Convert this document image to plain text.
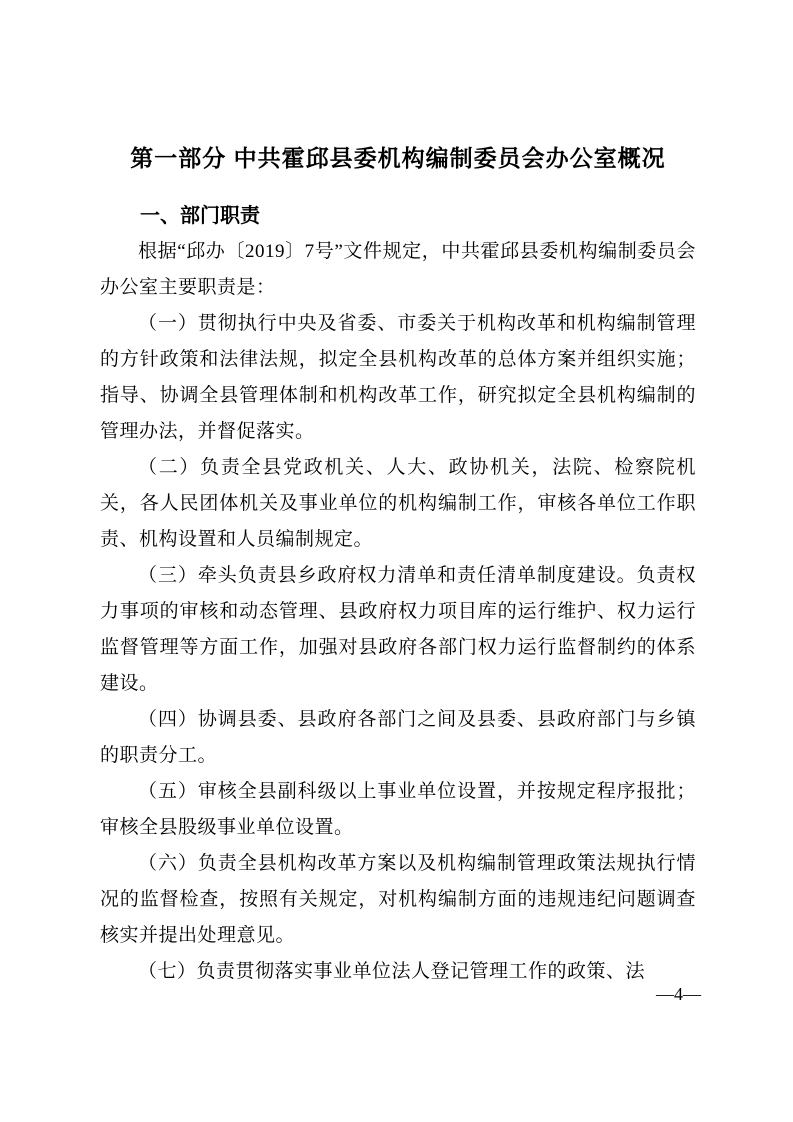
第一部分 中共霍邱县委机构编制委员会办公室概况
一、部门职责

根据“邱办〔2019〕7号”文件规定，中共霍邱县委机构编制委员会办公室主要职责是：

（一）贯彻执行中央及省委、市委关于机构改革和机构编制管理的方针政策和法律法规，拟定全县机构改革的总体方案并组织实施；指导、协调全县管理体制和机构改革工作，研究拟定全县机构编制的管理办法，并督促落实。

（二）负责全县党政机关、人大、政协机关，法院、检察院机关，各人民团体机关及事业单位的机构编制工作，审核各单位工作职责、机构设置和人员编制规定。

（三）牵头负责县乡政府权力清单和责任清单制度建设。负责权力事项的审核和动态管理、县政府权力项目库的运行维护、权力运行监督管理等方面工作，加强对县政府各部门权力运行监督制约的体系建设。

（四）协调县委、县政府各部门之间及县委、县政府部门与乡镇的职责分工。

（五）审核全县副科级以上事业单位设置，并按规定程序报批；审核全县股级事业单位设置。

（六）负责全县机构改革方案以及机构编制管理政策法规执行情况的监督检查，按照有关规定，对机构编制方面的违规违纪问题调查核实并提出处理意见。

（七）负责贯彻落实事业单位法人登记管理工作的政策、法

—4—
